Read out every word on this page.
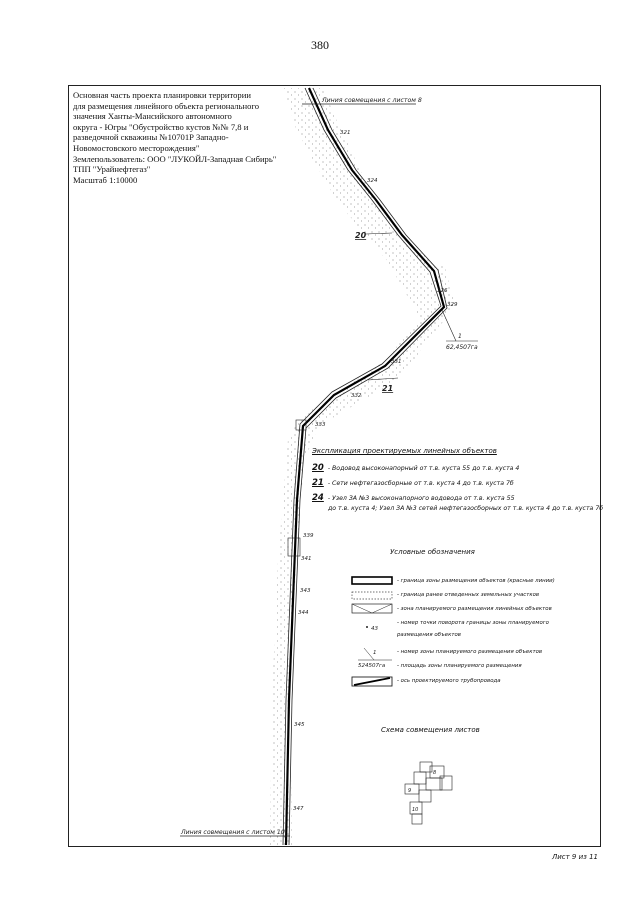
380
Основная часть проекта планировки территории
для размещения линейного объекта регионального
значения Ханты-Мансийского автономного
округа - Югры "Обустройство кустов №№ 7,8 и
разведочной скважины №10701Р Западно-
Новомостовского месторождения"
Землепользователь: ООО "ЛУКОЙЛ-Западная Сибирь"
ТПП "Урайнефтегаз"
Масштаб 1:10000
Линия совмещения с листом 8
Линия совмещения с листом 10
20
21
1
62,4507га
321
324
326
329
331
332
333
339
341
343
344
345
347
43
1
524507га
8
9
10
Экспликация проектируемых линейных объектов
20 - Водовод высоконапорный от т.в. куста 55 до т.в. куста 4
21 - Сети нефтегазосборные от т.в. куста 4 до т.в. куста 7б
24 - Узел ЗА №3 высоконапорного водовода от т.в. куста 55
до т.в. куста 4; Узел ЗА №3 сетей нефтегазосборных от т.в. куста 4 до т.в. куста 7б
Условные обозначения
- граница зоны размещения объектов (красные линии)
- граница ранее отведенных земельных участков
- зона планируемого размещения линейных объектов
- номер точки поворота границы зоны планируемого
размещения объектов
- номер зоны планируемого размещения объектов
- площадь зоны планируемого размещения
- ось проектируемого трубопровода
Схема совмещения листов
Лист 9 из 11
